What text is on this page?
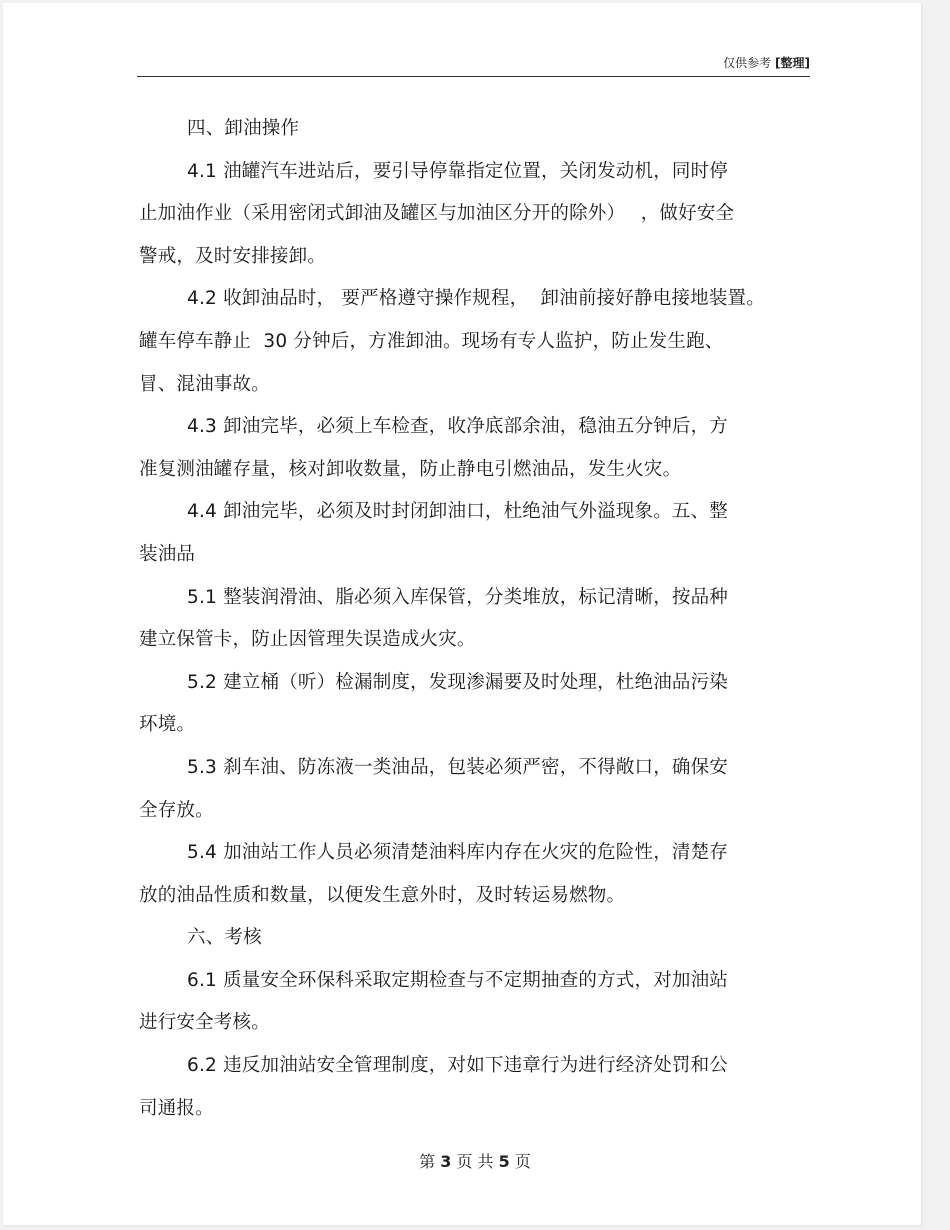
仅供参考 [整理]
四、卸油操作
4.1 油罐汽车进站后，要引导停靠指定位置，关闭发动机，同时停
止加油作业（采用密闭式卸油及罐区与加油区分开的除外）　 ，做好安全
警戒，及时安排接卸。
4.2 收卸油品时， 要严格遵守操作规程，  卸油前接好静电接地装置。
罐车停车静止  30 分钟后，方准卸油。现场有专人监护，防止发生跑、
冒、混油事故。
4.3 卸油完毕，必须上车检查，收净底部余油，稳油五分钟后，方
准复测油罐存量，核对卸收数量，防止静电引燃油品，发生火灾。
4.4 卸油完毕，必须及时封闭卸油口，杜绝油气外溢现象。五、整
装油品
5.1 整装润滑油、脂必须入库保管，分类堆放，标记清晰，按品种
建立保管卡，防止因管理失误造成火灾。
5.2 建立桶（听）检漏制度，发现渗漏要及时处理，杜绝油品污染
环境。
5.3 刹车油、防冻液一类油品，包装必须严密，不得敞口，确保安
全存放。
5.4 加油站工作人员必须清楚油料库内存在火灾的危险性，清楚存
放的油品性质和数量，以便发生意外时，及时转运易燃物。
六、考核
6.1 质量安全环保科采取定期检查与不定期抽查的方式，对加油站
进行安全考核。
6.2 违反加油站安全管理制度，对如下违章行为进行经济处罚和公
司通报。
第 3 页 共 5 页
